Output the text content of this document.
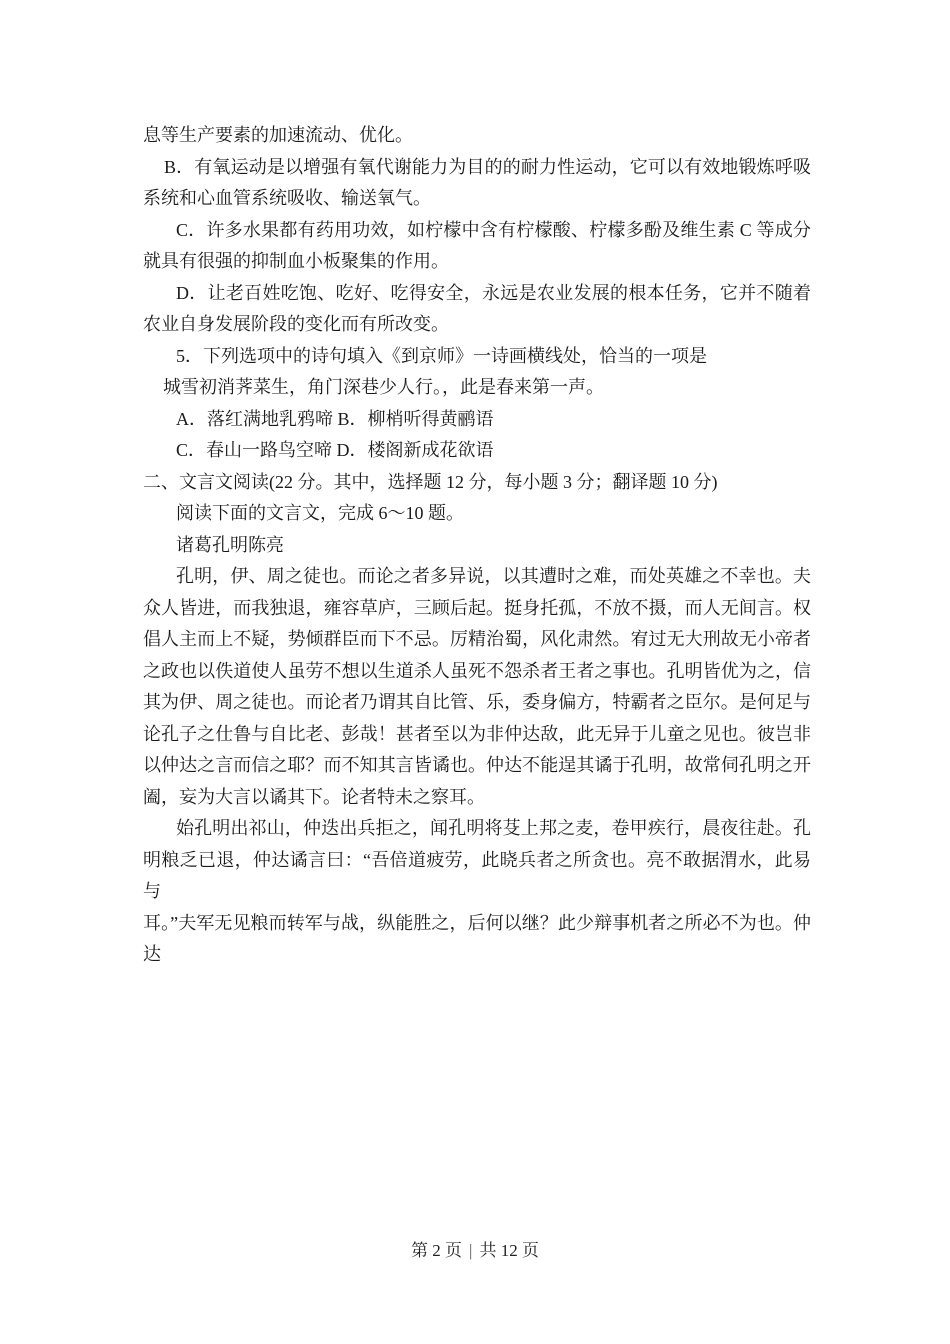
息等生产要素的加速流动、优化。

B．有氧运动是以增强有氧代谢能力为目的的耐力性运动，它可以有效地锻炼呼吸系统和心血管系统吸收、输送氧气。

C．许多水果都有药用功效，如柠檬中含有柠檬酸、柠檬多酚及维生素 C 等成分就具有很强的抑制血小板聚集的作用。

D．让老百姓吃饱、吃好、吃得安全，永远是农业发展的根本任务，它并不随着农业自身发展阶段的变化而有所改变。

5．下列选项中的诗句填入《到京师》一诗画横线处，恰当的一项是

城雪初消荠菜生，角门深巷少人行。，此是春来第一声。

A．落红满地乳鸦啼 B．柳梢听得黄鹂语

C．春山一路鸟空啼 D．楼阁新成花欲语

二、文言文阅读(22 分。其中，选择题 12 分，每小题 3 分；翻译题 10 分)

阅读下面的文言文，完成 6～10 题。

诸葛孔明陈亮

孔明，伊、周之徒也。而论之者多异说，以其遭时之难，而处英雄之不幸也。夫众人皆进，而我独退，雍容草庐，三顾后起。挺身托孤，不放不摄，而人无间言。权倡人主而上不疑，势倾群臣而下不忌。厉精治蜀，风化肃然。宥过无大刑故无小帝者之政也以佚道使人虽劳不想以生道杀人虽死不怨杀者王者之事也。孔明皆优为之，信其为伊、周之徒也。而论者乃谓其自比管、乐，委身偏方，特霸者之臣尔。是何足与论孔子之仕鲁与自比老、彭哉！甚者至以为非仲达敌，此无异于儿童之见也。彼岂非以仲达之言而信之耶？而不知其言皆谲也。仲达不能逞其谲于孔明，故常伺孔明之开阖，妄为大言以谲其下。论者特未之察耳。

始孔明出祁山，仲迭出兵拒之，闻孔明将芟上邦之麦，卷甲疾行，晨夜往赴。孔明粮乏已退，仲达谲言曰：“吾倍道疲劳，此晓兵者之所贪也。亮不敢据渭水，此易与

耳。”夫军无见粮而转军与战，纵能胜之，后何以继？此少辩事机者之所必不为也。仲达

第 2 页 | 共 12 页
